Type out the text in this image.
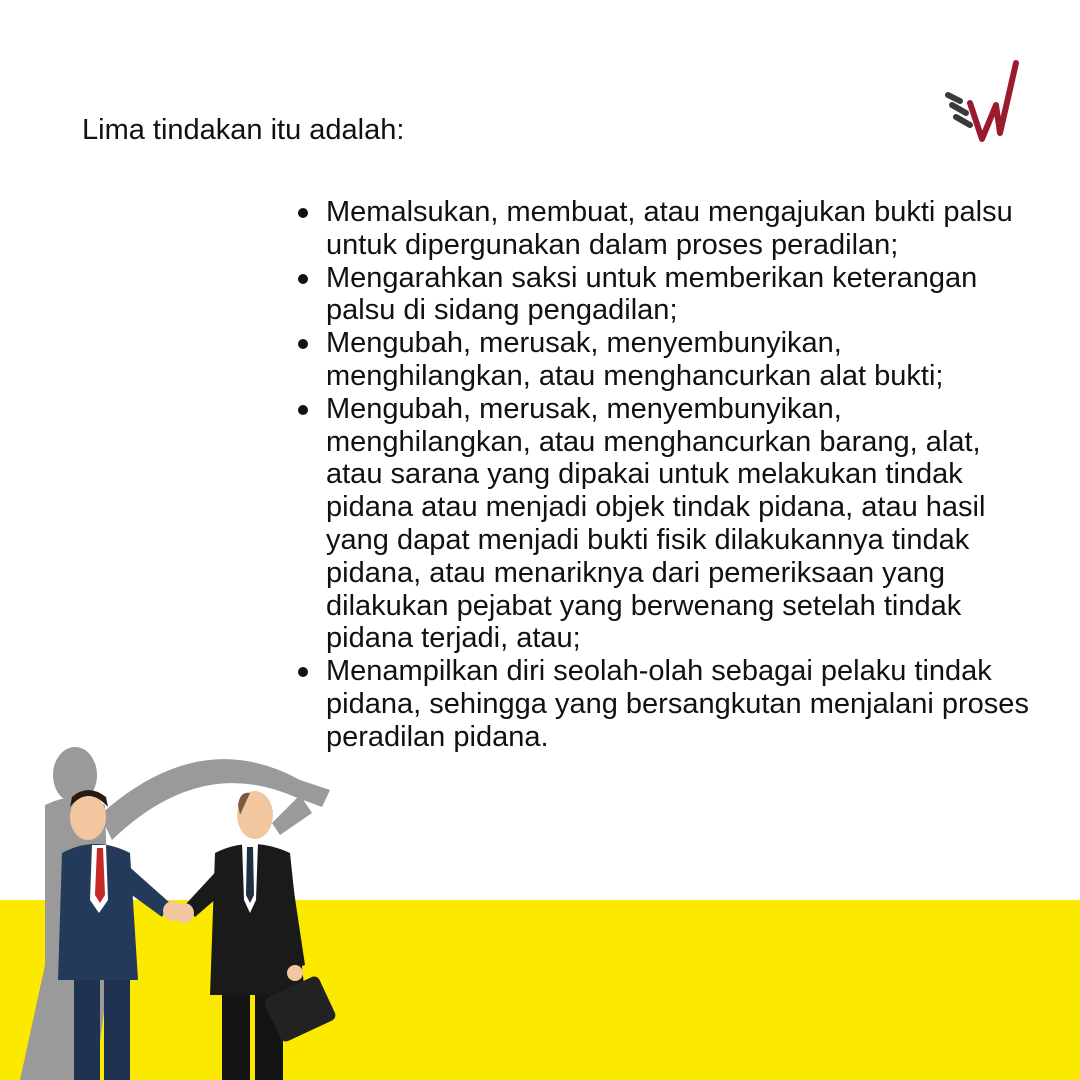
Lima tindakan itu adalah:
Memalsukan, membuat, atau mengajukan bukti palsu untuk dipergunakan dalam proses peradilan;
Mengarahkan saksi untuk memberikan keterangan palsu di sidang pengadilan;
Mengubah, merusak, menyembunyikan, menghilangkan, atau menghancurkan alat bukti;
Mengubah, merusak, menyembunyikan, menghilangkan, atau menghancurkan barang, alat, atau sarana yang dipakai untuk melakukan tindak pidana atau menjadi objek tindak pidana, atau hasil yang dapat menjadi bukti fisik dilakukannya tindak pidana, atau menariknya dari pemeriksaan yang dilakukan pejabat yang berwenang setelah tindak pidana terjadi, atau;
Menampilkan diri seolah-olah sebagai pelaku tindak pidana, sehingga yang bersangkutan menjalani proses peradilan pidana.
